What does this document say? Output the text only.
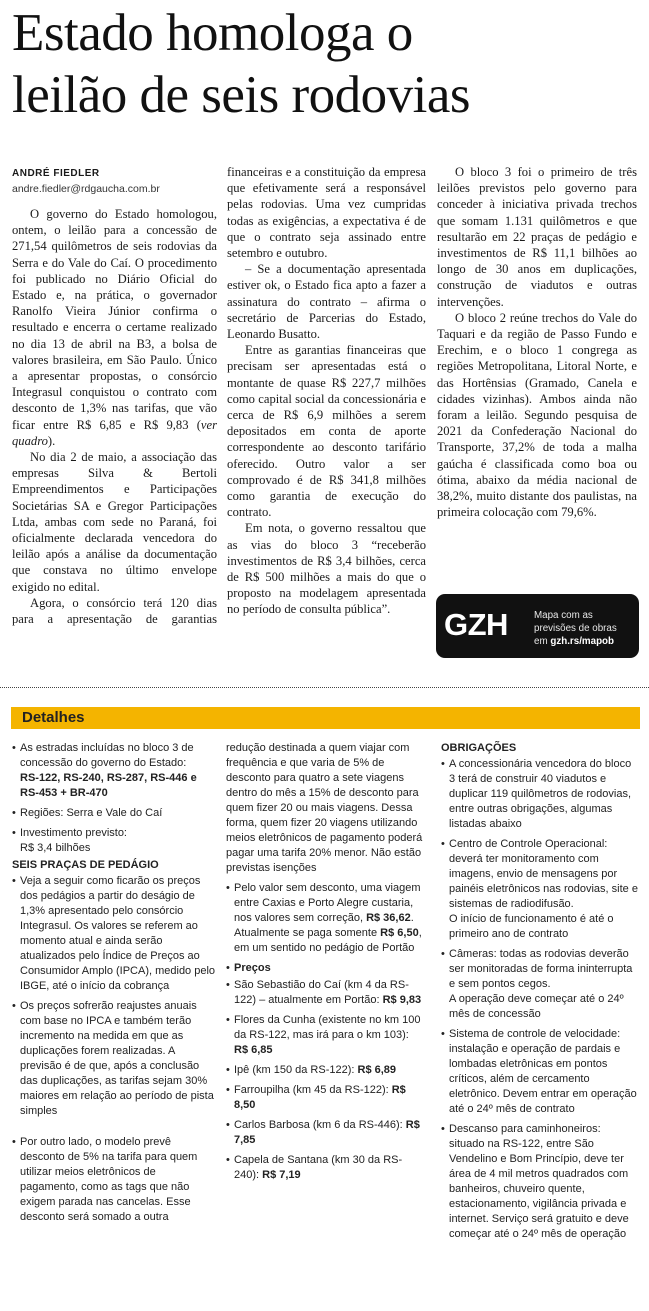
Estado homologa o
leilão de seis rodovias
ANDRÉ FIEDLER
andre.fiedler@rdgaucha.com.br

O governo do Estado homologou, ontem, o leilão para a concessão de 271,54 quilômetros de seis rodovias da Serra e do Vale do Caí. O procedimento foi publicado no Diário Oficial do Estado e, na prática, o governador Ranolfo Vieira Júnior confirma o resultado e encerra o certame realizado no dia 13 de abril na B3, a bolsa de valores brasileira, em São Paulo. Único a apresentar propostas, o consórcio Integrasul conquistou o contrato com desconto de 1,3% nas tarifas, que vão ficar entre R$ 6,85 e R$ 9,83 (ver quadro).

No dia 2 de maio, a associação das empresas Silva & Bertoli Empreendimentos e Participações Societárias SA e Gregor Participações Ltda, ambas com sede no Paraná, foi oficialmente declarada vencedora do leilão após a análise da documentação que constava no último envelope exigido no edital.

Agora, o consórcio terá 120 dias para a apresentação de garantias

financeiras e a constituição da empresa que efetivamente será a responsável pelas rodovias. Uma vez cumpridas todas as exigências, a expectativa é de que o contrato seja assinado entre setembro e outubro.

– Se a documentação apresentada estiver ok, o Estado fica apto a fazer a assinatura do contrato – afirma o secretário de Parcerias do Estado, Leonardo Busatto.

Entre as garantias financeiras que precisam ser apresentadas está o montante de quase R$ 227,7 milhões como capital social da concessionária e cerca de R$ 6,9 milhões a serem depositados em conta de aporte correspondente ao desconto tarifário oferecido. Outro valor a ser comprovado é de R$ 341,8 milhões como garantia de execução do contrato.

Em nota, o governo ressaltou que as vias do bloco 3 “receberão investimentos de R$ 3,4 bilhões, cerca de R$ 500 milhões a mais do que o proposto na modelagem apresentada no período de consulta pública”.

O bloco 3 foi o primeiro de três leilões previstos pelo governo para conceder à iniciativa privada trechos que somam 1.131 quilômetros e que resultarão em 22 praças de pedágio e investimentos de R$ 11,1 bilhões ao longo de 30 anos em duplicações, construção de viadutos e outras intervenções.

O bloco 2 reúne trechos do Vale do Taquari e da região de Passo Fundo e Erechim, e o bloco 1 congrega as regiões Metropolitana, Litoral Norte, e das Hortênsias (Gramado, Canela e cidades vizinhas). Ambos ainda não foram a leilão. Segundo pesquisa de 2021 da Confederação Nacional do Transporte, 37,2% de toda a malha gaúcha é classificada como boa ou ótima, abaixo da média nacional de 38,2%, muito distante dos paulistas, na primeira colocação com 79,6%.

GZH	Mapa com as
previsões de obras
em gzh.rs/mapob
Detalhes
• As estradas incluídas no bloco 3 de concessão do governo do Estado:
RS-122, RS-240, RS-287, RS-446 e RS-453 + BR-470
• Regiões: Serra e Vale do Caí
• Investimento previsto:
R$ 3,4 bilhões
SEIS PRAÇAS DE PEDÁGIO
• Veja a seguir como ficarão os preços dos pedágios a partir do deságio de 1,3% apresentado pelo consórcio Integrasul. Os valores se referem ao momento atual e ainda serão atualizados pelo Índice de Preços ao Consumidor Amplo (IPCA), medido pelo IBGE, até o início da cobrança
• Os preços sofrerão reajustes anuais com base no IPCA e também terão incremento na medida em que as duplicações forem realizadas. A previsão é de que, após a conclusão das duplicações, as tarifas sejam 30% maiores em relação ao período de pista simples
• Por outro lado, o modelo prevê desconto de 5% na tarifa para quem utilizar meios eletrônicos de pagamento, como as tags que não exigem parada nas cancelas. Esse desconto será somado a outra
redução destinada a quem viajar com frequência e que varia de 5% de desconto para quatro a sete viagens dentro do mês a 15% de desconto para quem fizer 20 ou mais viagens. Dessa forma, quem fizer 20 viagens utilizando meios eletrônicos de pagamento poderá pagar uma tarifa 20% menor. Não estão previstas isenções
• Pelo valor sem desconto, uma viagem entre Caxias e Porto Alegre custaria, nos valores sem correção, R$ 36,62. Atualmente se paga somente R$ 6,50, em um sentido no pedágio de Portão
• Preços
• São Sebastião do Caí (km 4 da RS-122) – atualmente em Portão: R$ 9,83
• Flores da Cunha (existente no km 100 da RS-122, mas irá para o km 103): R$ 6,85
• Ipê (km 150 da RS-122): R$ 6,89
• Farroupilha (km 45 da RS-122): R$ 8,50
• Carlos Barbosa (km 6 da RS-446): R$ 7,85
• Capela de Santana (km 30 da RS-240): R$ 7,19
OBRIGAÇÕES
• A concessionária vencedora do bloco 3 terá de construir 40 viadutos e duplicar 119 quilômetros de rodovias, entre outras obrigações, algumas listadas abaixo
• Centro de Controle Operacional: deverá ter monitoramento com imagens, envio de mensagens por painéis eletrônicos nas rodovias, site e sistemas de radiodifusão.
O início de funcionamento é até o primeiro ano de contrato
• Câmeras: todas as rodovias deverão ser monitoradas de forma ininterrupta e sem pontos cegos.
A operação deve começar até o 24º mês de concessão
• Sistema de controle de velocidade: instalação e operação de pardais e lombadas eletrônicas em pontos críticos, além de cercamento eletrônico. Devem entrar em operação até o 24º mês de contrato
• Descanso para caminhoneiros: situado na RS-122, entre São Vendelino e Bom Princípio, deve ter área de 4 mil metros quadrados com banheiros, chuveiro quente, estacionamento, vigilância privada e internet. Serviço será gratuito e deve começar até o 24º mês de operação
